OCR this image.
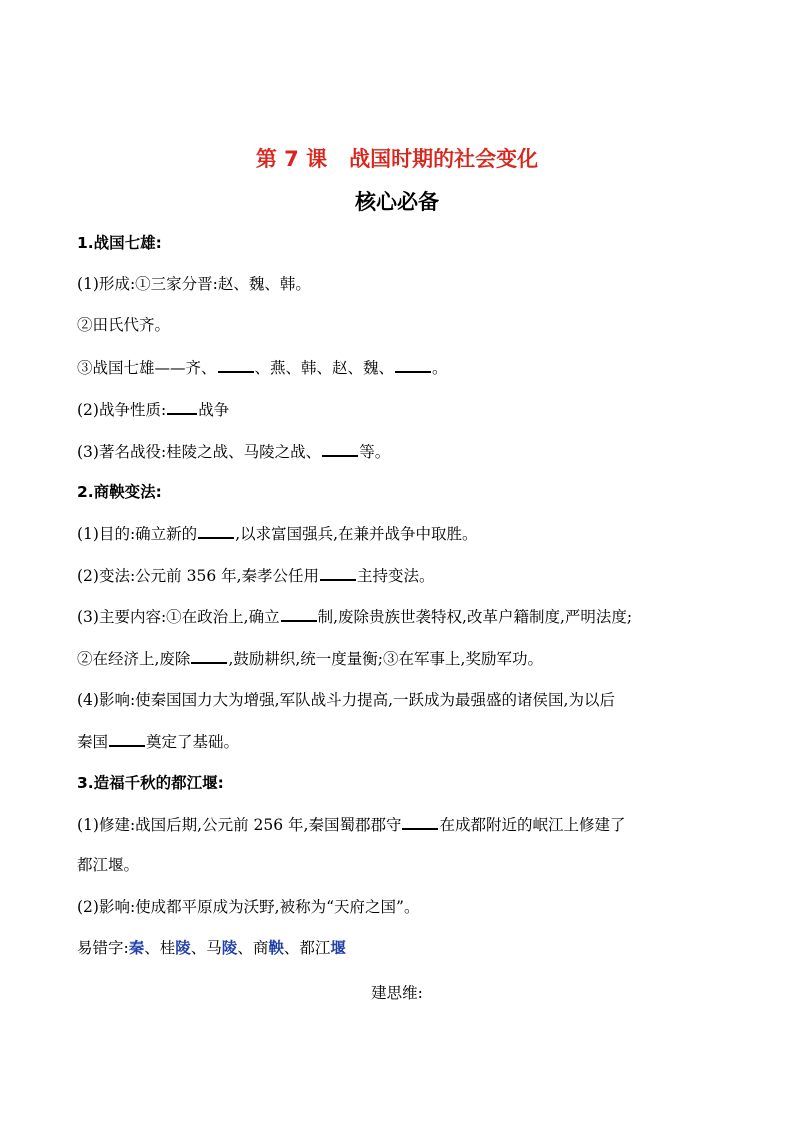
第 7 课 战国时期的社会变化
核心必备
1.战国七雄:
(1)形成:①三家分晋:赵、魏、韩。
②田氏代齐。
③战国七雄——齐、 、燕、韩、赵、魏、 。
(2)战争性质: 战争
(3)著名战役:桂陵之战、马陵之战、 等。
2.商鞅变法:
(1)目的:确立新的 ,以求富国强兵,在兼并战争中取胜。
(2)变法:公元前 356 年,秦孝公任用 主持变法。
(3)主要内容:①在政治上,确立 制,废除贵族世袭特权,改革户籍制度,严明法度;
②在经济上,废除 ,鼓励耕织,统一度量衡;③在军事上,奖励军功。
(4)影响:使秦国国力大为增强,军队战斗力提高,一跃成为最强盛的诸侯国,为以后
秦国 奠定了基础。
3.造福千秋的都江堰:
(1)修建:战国后期,公元前 256 年,秦国蜀郡郡守 在成都附近的岷江上修建了
都江堰。
(2)影响:使成都平原成为沃野,被称为“天府之国”。
易错字:秦、桂陵、马陵、商鞅、都江堰
建思维:
